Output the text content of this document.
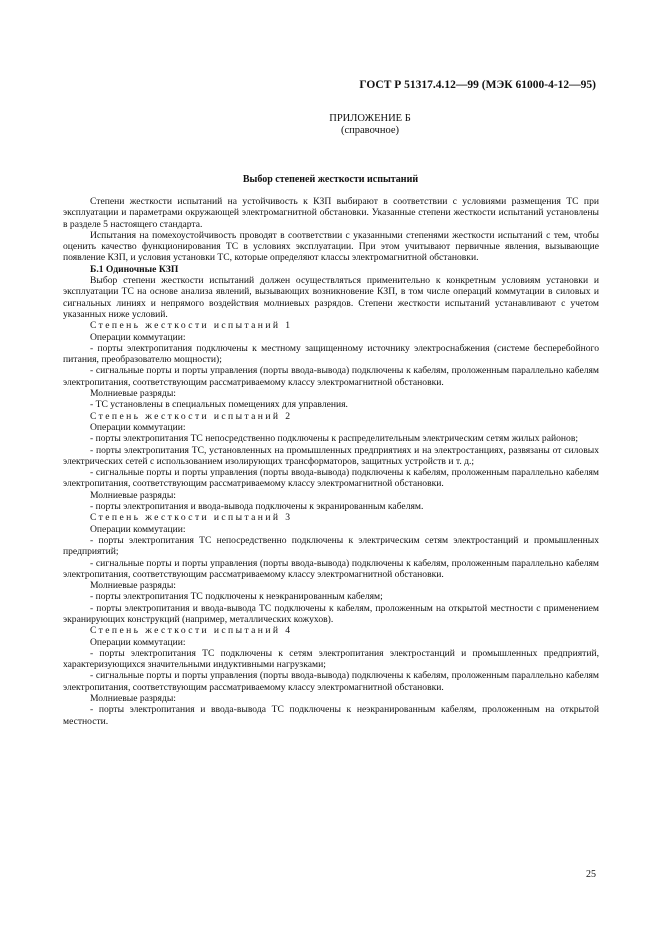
ГОСТ Р 51317.4.12—99 (МЭК 61000-4-12—95)
ПРИЛОЖЕНИЕ Б
(справочное)
Выбор степеней жесткости испытаний

Степени жесткости испытаний на устойчивость к КЗП выбирают в соответствии с условиями размещения ТС при эксплуатации и параметрами окружающей электромагнитной обстановки. Указанные степени жесткости испытаний установлены в разделе 5 настоящего стандарта.

Испытания на помехоустойчивость проводят в соответствии с указанными степенями жесткости испытаний с тем, чтобы оценить качество функционирования ТС в условиях эксплуатации. При этом учитывают первичные явления, вызывающие появление КЗП, и условия установки ТС, которые определяют классы электромагнитной обстановки.

Б.1 Одиночные КЗП

Выбор степени жесткости испытаний должен осуществляться применительно к конкретным условиям установки и эксплуатации ТС на основе анализа явлений, вызывающих возникновение КЗП, в том числе операций коммутации в силовых и сигнальных линиях и непрямого воздействия молниевых разрядов. Степени жесткости испытаний устанавливают с учетом указанных ниже условий.

Степень жесткости испытаний 1

Операции коммутации:

- порты электропитания подключены к местному защищенному источнику электроснабжения (системе бесперебойного питания, преобразователю мощности);

- сигнальные порты и порты управления (порты ввода-вывода) подключены к кабелям, проложенным параллельно кабелям электропитания, соответствующим рассматриваемому классу электромагнитной обстановки.

Молниевые разряды:

- ТС установлены в специальных помещениях для управления.

Степень жесткости испытаний 2

Операции коммутации:

- порты электропитания ТС непосредственно подключены к распределительным электрическим сетям жилых районов;

- порты электропитания ТС, установленных на промышленных предприятиях и на электростанциях, развязаны от силовых электрических сетей с использованием изолирующих трансформаторов, защитных устройств и т. д.;

- сигнальные порты и порты управления (порты ввода-вывода) подключены к кабелям, проложенным параллельно кабелям электропитания, соответствующим рассматриваемому классу электромагнитной обстановки.

Молниевые разряды:

- порты электропитания и ввода-вывода подключены к экранированным кабелям.

Степень жесткости испытаний 3

Операции коммутации:

- порты электропитания ТС непосредственно подключены к электрическим сетям электростанций и промышленных предприятий;

- сигнальные порты и порты управления (порты ввода-вывода) подключены к кабелям, проложенным параллельно кабелям электропитания, соответствующим рассматриваемому классу электромагнитной обстановки.

Молниевые разряды:

- порты электропитания ТС подключены к неэкранированным кабелям;

- порты электропитания и ввода-вывода ТС подключены к кабелям, проложенным на открытой местности с применением экранирующих конструкций (например, металлических кожухов).

Степень жесткости испытаний 4

Операции коммутации:

- порты электропитания ТС подключены к сетям электропитания электростанций и промышленных предприятий, характеризующихся значительными индуктивными нагрузками;

- сигнальные порты и порты управления (порты ввода-вывода) подключены к кабелям, проложенным параллельно кабелям электропитания, соответствующим рассматриваемому классу электромагнитной обстановки.

Молниевые разряды:

- порты электропитания и ввода-вывода ТС подключены к неэкранированным кабелям, проложенным на открытой местности.

25
